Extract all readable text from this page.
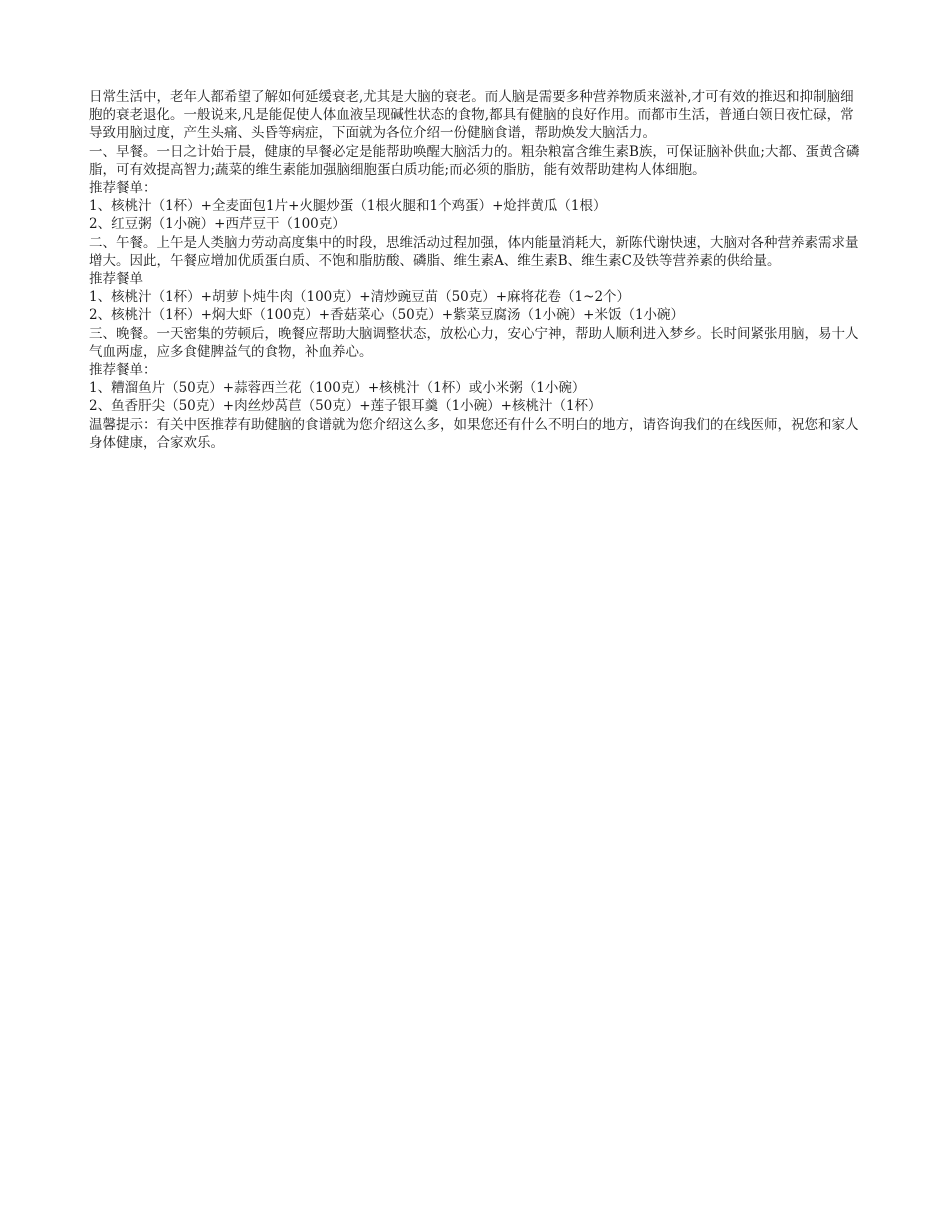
日常生活中，老年人都希望了解如何延缓衰老,尤其是大脑的衰老。而人脑是需要多种营养物质来滋补,才可有效的推迟和抑制脑细胞的衰老退化。一般说来,凡是能促使人体血液呈现碱性状态的食物,都具有健脑的良好作用。而都市生活，普通白领日夜忙碌，常导致用脑过度，产生头痛、头昏等病症，下面就为各位介绍一份健脑食谱，帮助焕发大脑活力。

一、早餐。一日之计始于晨，健康的早餐必定是能帮助唤醒大脑活力的。粗杂粮富含维生素B族，可保证脑补供血;大都、蛋黄含磷脂，可有效提高智力;蔬菜的维生素能加强脑细胞蛋白质功能;而必须的脂肪，能有效帮助建构人体细胞。

推荐餐单：

1、核桃汁（1杯）+全麦面包1片+火腿炒蛋（1根火腿和1个鸡蛋）+炝拌黄瓜（1根）

2、红豆粥（1小碗）+西芹豆干（100克）

二、午餐。上午是人类脑力劳动高度集中的时段，思维活动过程加强，体内能量消耗大，新陈代谢快速，大脑对各种营养素需求量增大。因此，午餐应增加优质蛋白质、不饱和脂肪酸、磷脂、维生素A、维生素B、维生素C及铁等营养素的供给量。

推荐餐单

1、核桃汁（1杯）+胡萝卜炖牛肉（100克）+清炒豌豆苗（50克）+麻将花卷（1~2个）

2、核桃汁（1杯）+焖大虾（100克）+香菇菜心（50克）+紫菜豆腐汤（1小碗）+米饭（1小碗）

三、晚餐。一天密集的劳顿后，晚餐应帮助大脑调整状态，放松心力，安心宁神，帮助人顺利进入梦乡。长时间紧张用脑，易十人气血两虚，应多食健脾益气的食物，补血养心。

推荐餐单：

1、糟溜鱼片（50克）+蒜蓉西兰花（100克）+核桃汁（1杯）或小米粥（1小碗）

2、鱼香肝尖（50克）+肉丝炒莴苣（50克）+莲子银耳羹（1小碗）+核桃汁（1杯）

温馨提示：有关中医推荐有助健脑的食谱就为您介绍这么多，如果您还有什么不明白的地方，请咨询我们的在线医师，祝您和家人身体健康，合家欢乐。
